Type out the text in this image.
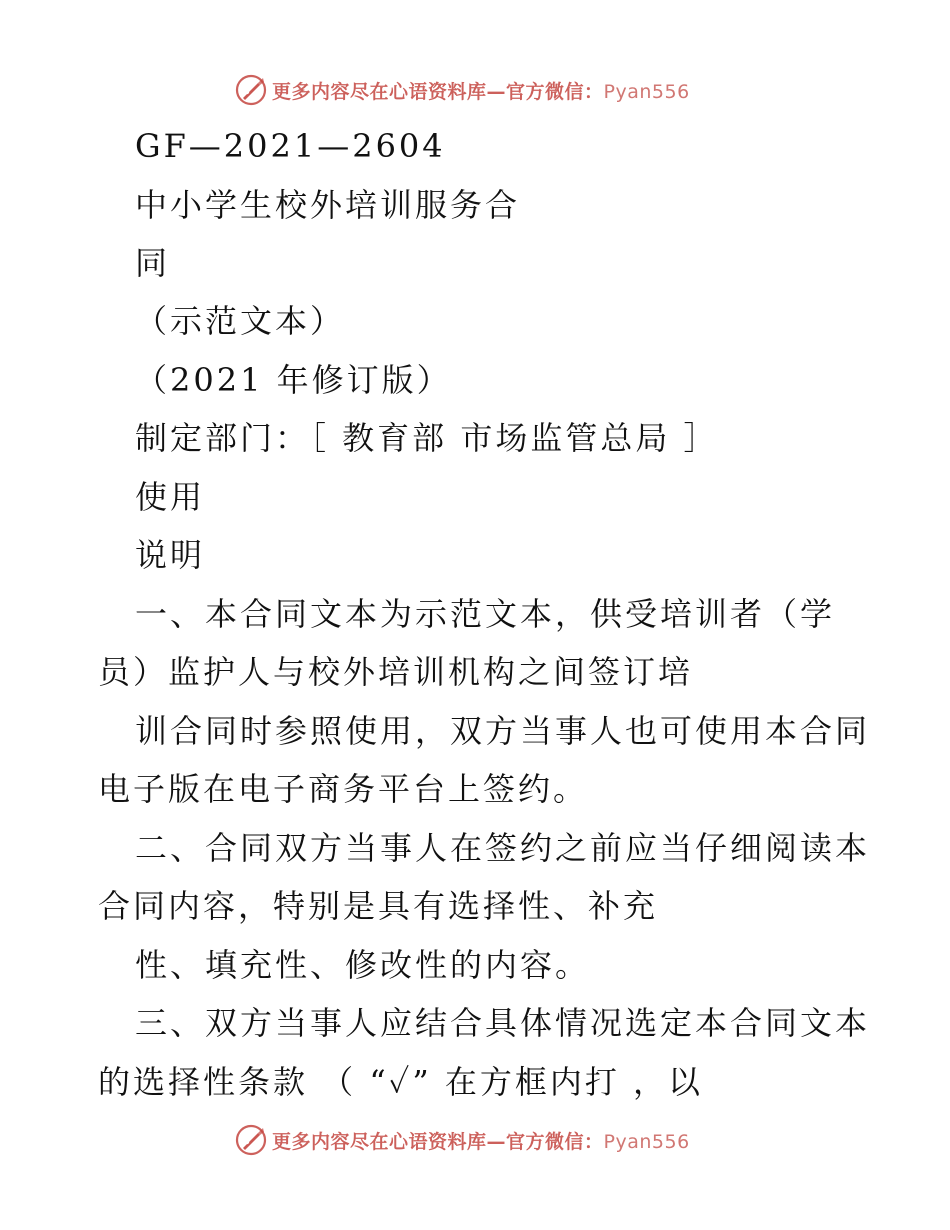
更多内容尽在心语资料库—官方微信：Pyan556
GF—2021—2604
中小学生校外培训服务合
同
（示范文本）
（2021 年修订版）
制定部门：［ 教育部 市场监管总局 ］
使用
说明
一、本合同文本为示范文本，供受培训者（学
员）监护人与校外培训机构之间签订培
训合同时参照使用，双方当事人也可使用本合同
电子版在电子商务平台上签约。
二、合同双方当事人在签约之前应当仔细阅读本
合同内容，特别是具有选择性、补充
性、填充性、修改性的内容。
三、双方当事人应结合具体情况选定本合同文本
的选择性条款 （ “✓” 在方框内打 ，以
更多内容尽在心语资料库—官方微信：Pyan556
